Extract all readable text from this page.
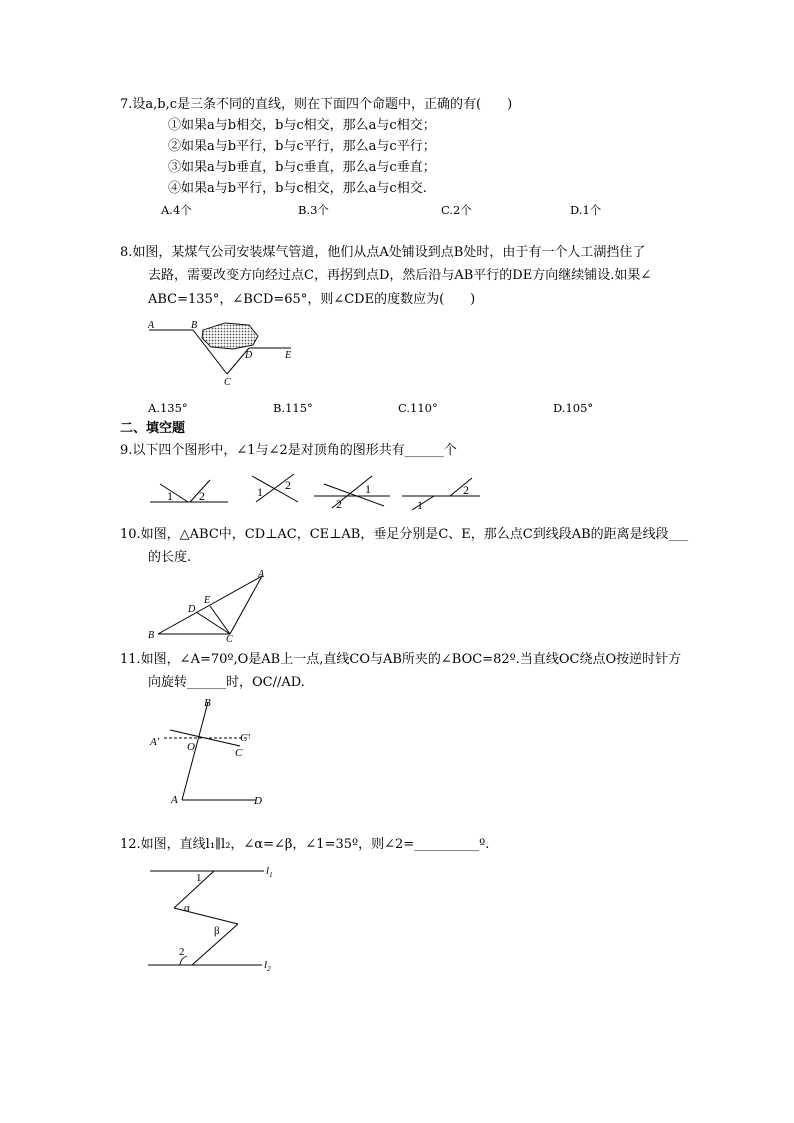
7.设a,b,c是三条不同的直线，则在下面四个命题中，正确的有(　　)
①如果a与b相交，b与c相交，那么a与c相交；
②如果a与b平行，b与c平行，那么a与c平行；
③如果a与b垂直，b与c垂直，那么a与c垂直；
④如果a与b平行，b与c相交，那么a与c相交.
A.4个	B.3个	C.2个	D.1个
8.如图，某煤气公司安装煤气管道，他们从点A处铺设到点B处时，由于有一个人工湖挡住了
去路，需要改变方向经过点C，再拐到点D，然后沿与AB平行的DE方向继续铺设.如果∠
ABC=135°，∠BCD=65°，则∠CDE的度数应为(　　)
A	B
C
D	E
A.135°	B.115°	C.110°	D.105°
二、填空题
9.以下四个图形中，∠1与∠2是对顶角的图形共有______个
1 2	1 2	1
2	1
2
10.如图，△ABC中，CD⊥AC，CE⊥AB，垂足分别是C、E，那么点C到线段AB的距离是线段___
的长度.
A
B	C
D
E
11.如图，∠A=70º,O是AB上一点,直线CO与AB所夹的∠BOC=82º.当直线OC绕点O按逆时针方
向旋转______时，OC//AD.
B
A'	O
C'
C
A	D
12.如图，直线l₁∥l₂，∠α=∠β，∠1=35º，则∠2=__________º.
1
α
β
2
$l_1$
$l_2$
